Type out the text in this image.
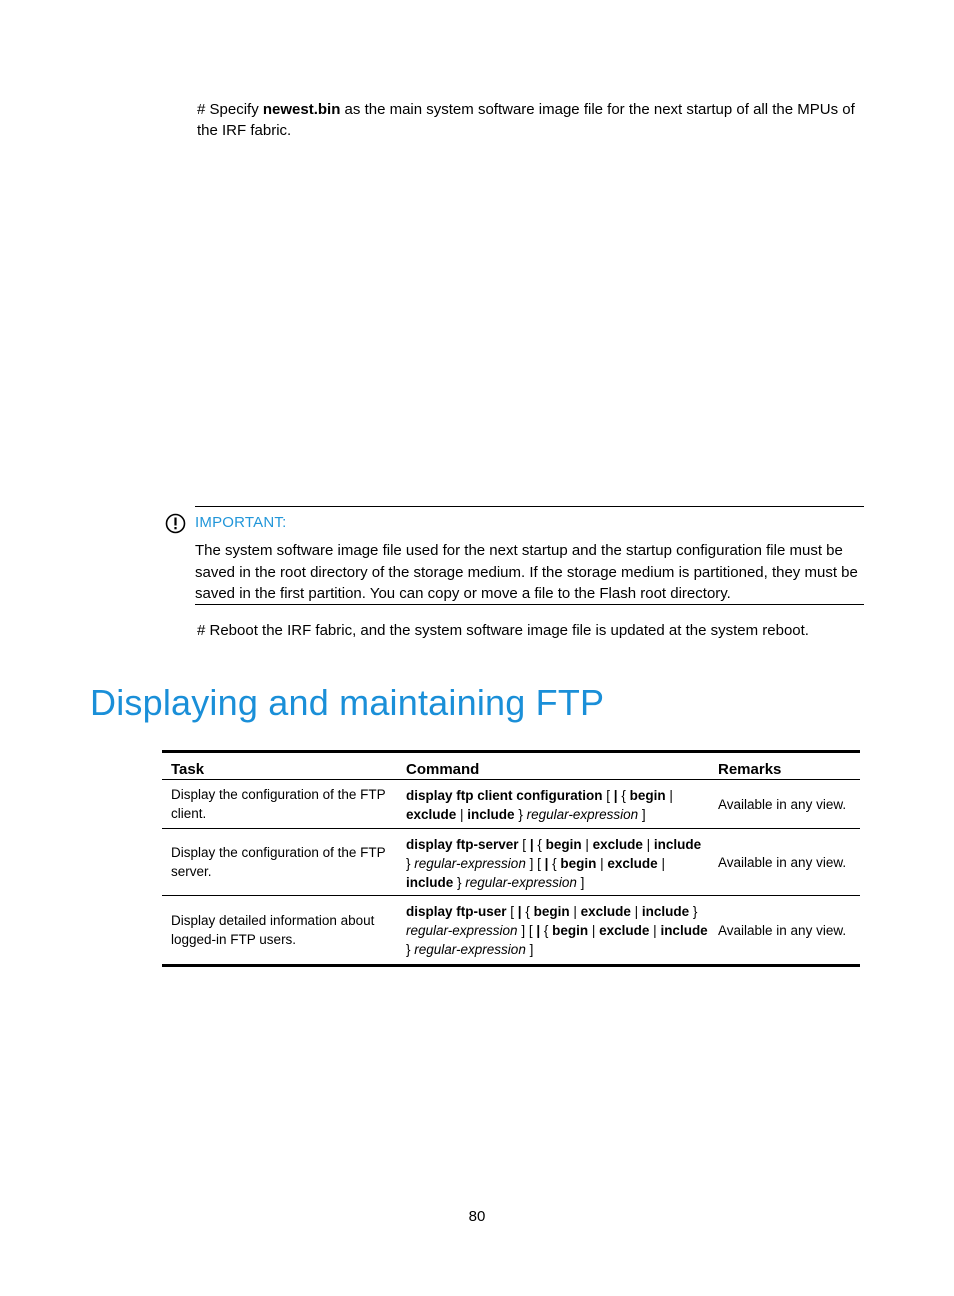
# Specify newest.bin as the main system software image file for the next startup of all the MPUs of the IRF fabric.
IMPORTANT:
The system software image file used for the next startup and the startup configuration file must be saved in the root directory of the storage medium. If the storage medium is partitioned, they must be saved in the first partition. You can copy or move a file to the Flash root directory.
# Reboot the IRF fabric, and the system software image file is updated at the system reboot.
Displaying and maintaining FTP
Task	Command	Remarks
Display the configuration of the FTP client.
display ftp client configuration [ | { begin | exclude | include } regular-expression ]
Available in any view.
Display the configuration of the FTP server.
display ftp-server [ | { begin | exclude | include } regular-expression ] [ | { begin | exclude | include } regular-expression ]
Available in any view.
Display detailed information about logged-in FTP users.
display ftp-user [ | { begin | exclude | include } regular-expression ] [ | { begin | exclude | include } regular-expression ]
Available in any view.
80
